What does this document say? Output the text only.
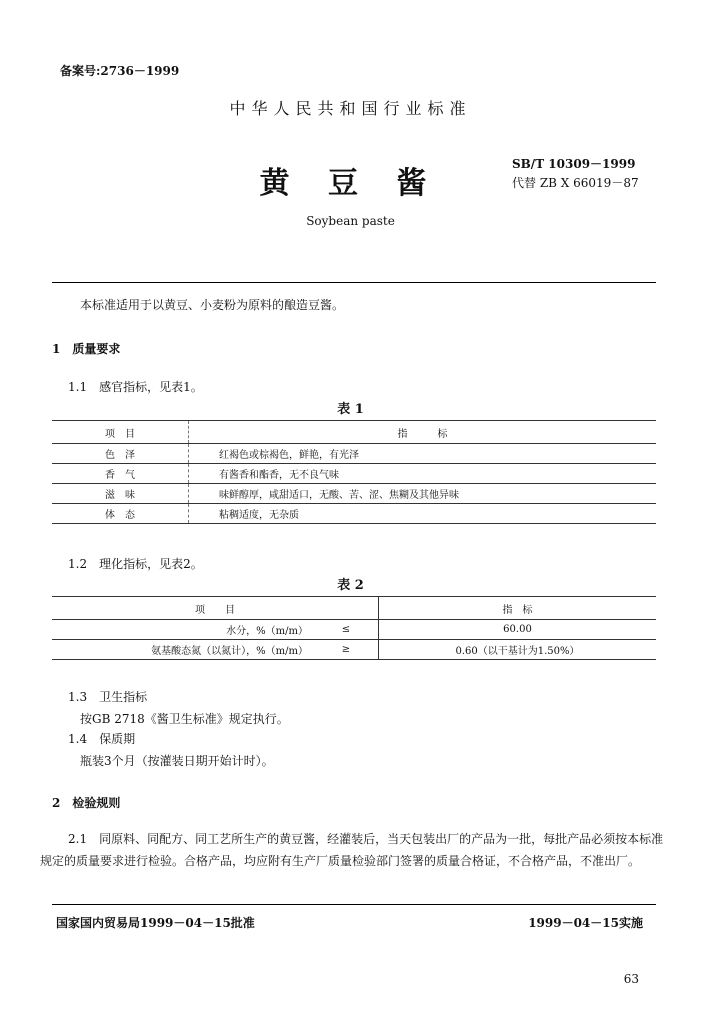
备案号:2736－1999
中华人民共和国行业标准
黄 豆 酱
SB/T 10309－1999
代替 ZB X 66019－87
Soybean paste
本标准适用于以黄豆、小麦粉为原料的酿造豆酱。
1　质量要求
1.1　感官指标，见表1。
表 1
项　目	指　　　标
色　泽	红褐色或棕褐色，鲜艳，有光泽
香　气	有酱香和酯香，无不良气味
滋　味	味鲜醇厚，咸甜适口，无酸、苦、涩、焦糊及其他异味
体　态	粘稠适度，无杂质
1.2　理化指标，见表2。
表 2
项　　目		指　标
水分，%（m/m）	≤	60.00
氨基酸态氮（以氮计），%（m/m）	≥	0.60（以干基计为1.50%）
1.3　卫生指标
按GB 2718《酱卫生标准》规定执行。
1.4　保质期
瓶装3个月（按灌装日期开始计时）。
2　检验规则
2.1　同原料、同配方、同工艺所生产的黄豆酱，经灌装后，当天包装出厂的产品为一批，每批产品必须按本标准规定的质量要求进行检验。合格产品，均应附有生产厂质量检验部门签署的质量合格证，不合格产品，不准出厂。
国家国内贸易局1999－04－15批准	1999－04－15实施
63
